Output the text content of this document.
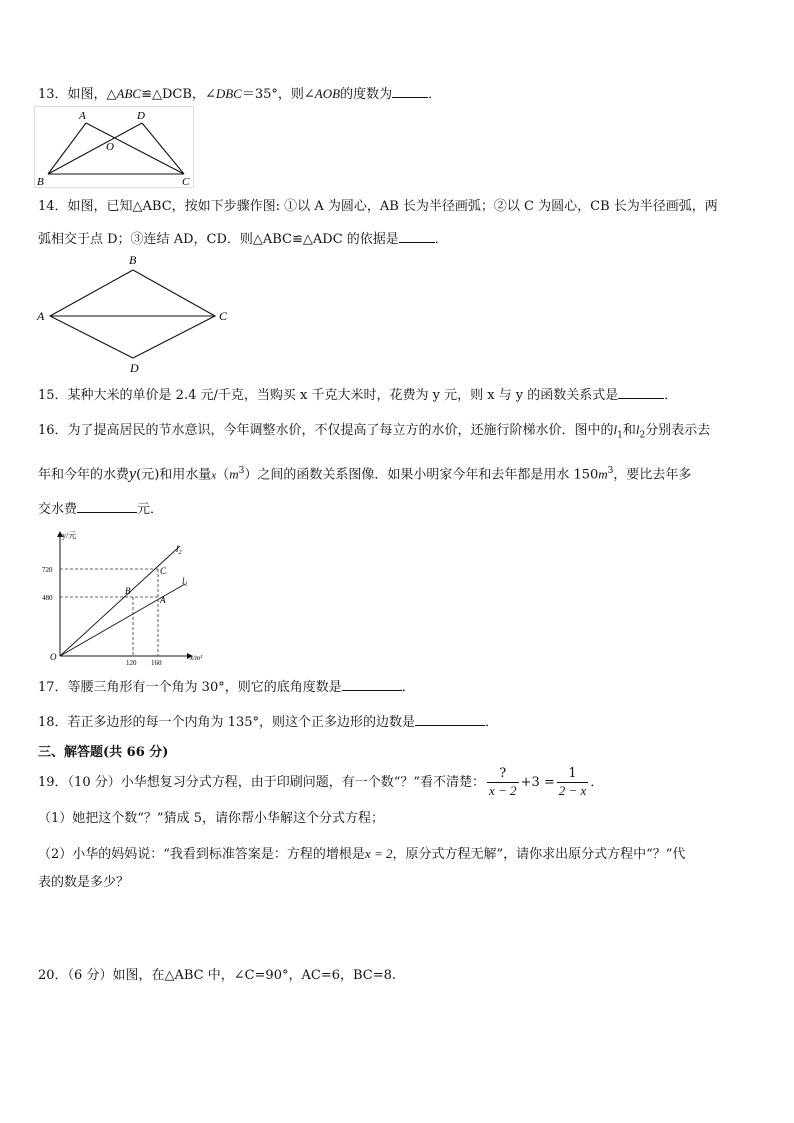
13．如图，△ABC≌△DCB，∠DBC＝35°，则∠AOB的度数为	．
A	D
O
B	C
14．如图，已知△ABC，按如下步骤作图: ①以 A 为圆心，AB 长为半径画弧；②以 C 为圆心，CB 长为半径画弧，两
弧相交于点 D；③连结 AD，CD．则△ABC≌△ADC 的依据是	．
B
A	C
D
15．某种大米的单价是 2.4 元/千克，当购买 x 千克大米时，花费为 y 元，则 x 与 y 的函数关系式是	．
16．为了提高居民的节水意识，今年调整水价，不仅提高了每立方的水价，还施行阶梯水价．图中的$l_1$和$l_2$分别表示去
年和今年的水费y(元)和用水量$x(m^3)$之间的函数关系图像．如果小明家今年和去年都是用水 $150m^3$，要比去年多
交水费	元．
y/元
x/m³
O
720
480
120 160
B
C
A
$l_2$
$l_1$
17．等腰三角形有一个角为 30°，则它的底角度数是	．
18．若正多边形的每一个内角为 135°，则这个正多边形的边数是	．
三、解答题(共 66 分)
19．（10 分）小华想复习分式方程，由于印刷问题，有一个数“？”看不清楚： $\frac{?}{x - 2} +3 = \frac{1}{2 - x}$ ．
（1）她把这个数“？”猜成 5，请你帮小华解这个分式方程；
（2）小华的妈妈说：“我看到标准答案是：方程的增根是x = 2，原分式方程无解”，请你求出原分式方程中“？”代
表的数是多少？
20．（6 分）如图，在△ABC 中，∠C=90°，AC=6，BC=8.
